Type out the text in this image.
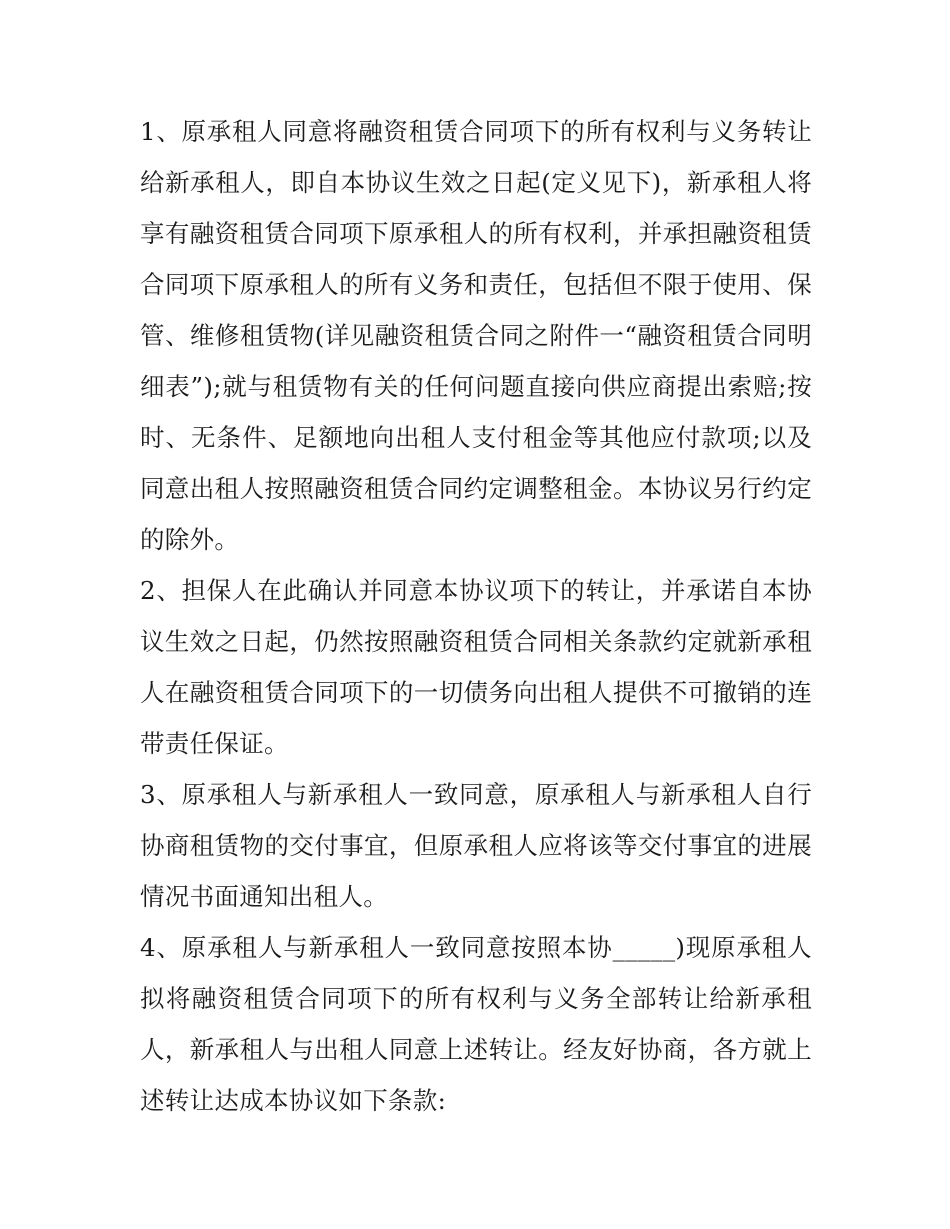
1、原承租人同意将融资租赁合同项下的所有权利与义务转让给新承租人，即自本协议生效之日起(定义见下)，新承租人将享有融资租赁合同项下原承租人的所有权利，并承担融资租赁合同项下原承租人的所有义务和责任，包括但不限于使用、保管、维修租赁物(详见融资租赁合同之附件一“融资租赁合同明细表”);就与租赁物有关的任何问题直接向供应商提出索赔;按时、无条件、足额地向出租人支付租金等其他应付款项;以及同意出租人按照融资租赁合同约定调整租金。本协议另行约定的除外。

2、担保人在此确认并同意本协议项下的转让，并承诺自本协议生效之日起，仍然按照融资租赁合同相关条款约定就新承租人在融资租赁合同项下的一切债务向出租人提供不可撤销的连带责任保证。

3、原承租人与新承租人一致同意，原承租人与新承租人自行协商租赁物的交付事宜，但原承租人应将该等交付事宜的进展情况书面通知出租人。

4、原承租人与新承租人一致同意按照本协_____)现原承租人拟将融资租赁合同项下的所有权利与义务全部转让给新承租人，新承租人与出租人同意上述转让。经友好协商，各方就上述转让达成本协议如下条款:
